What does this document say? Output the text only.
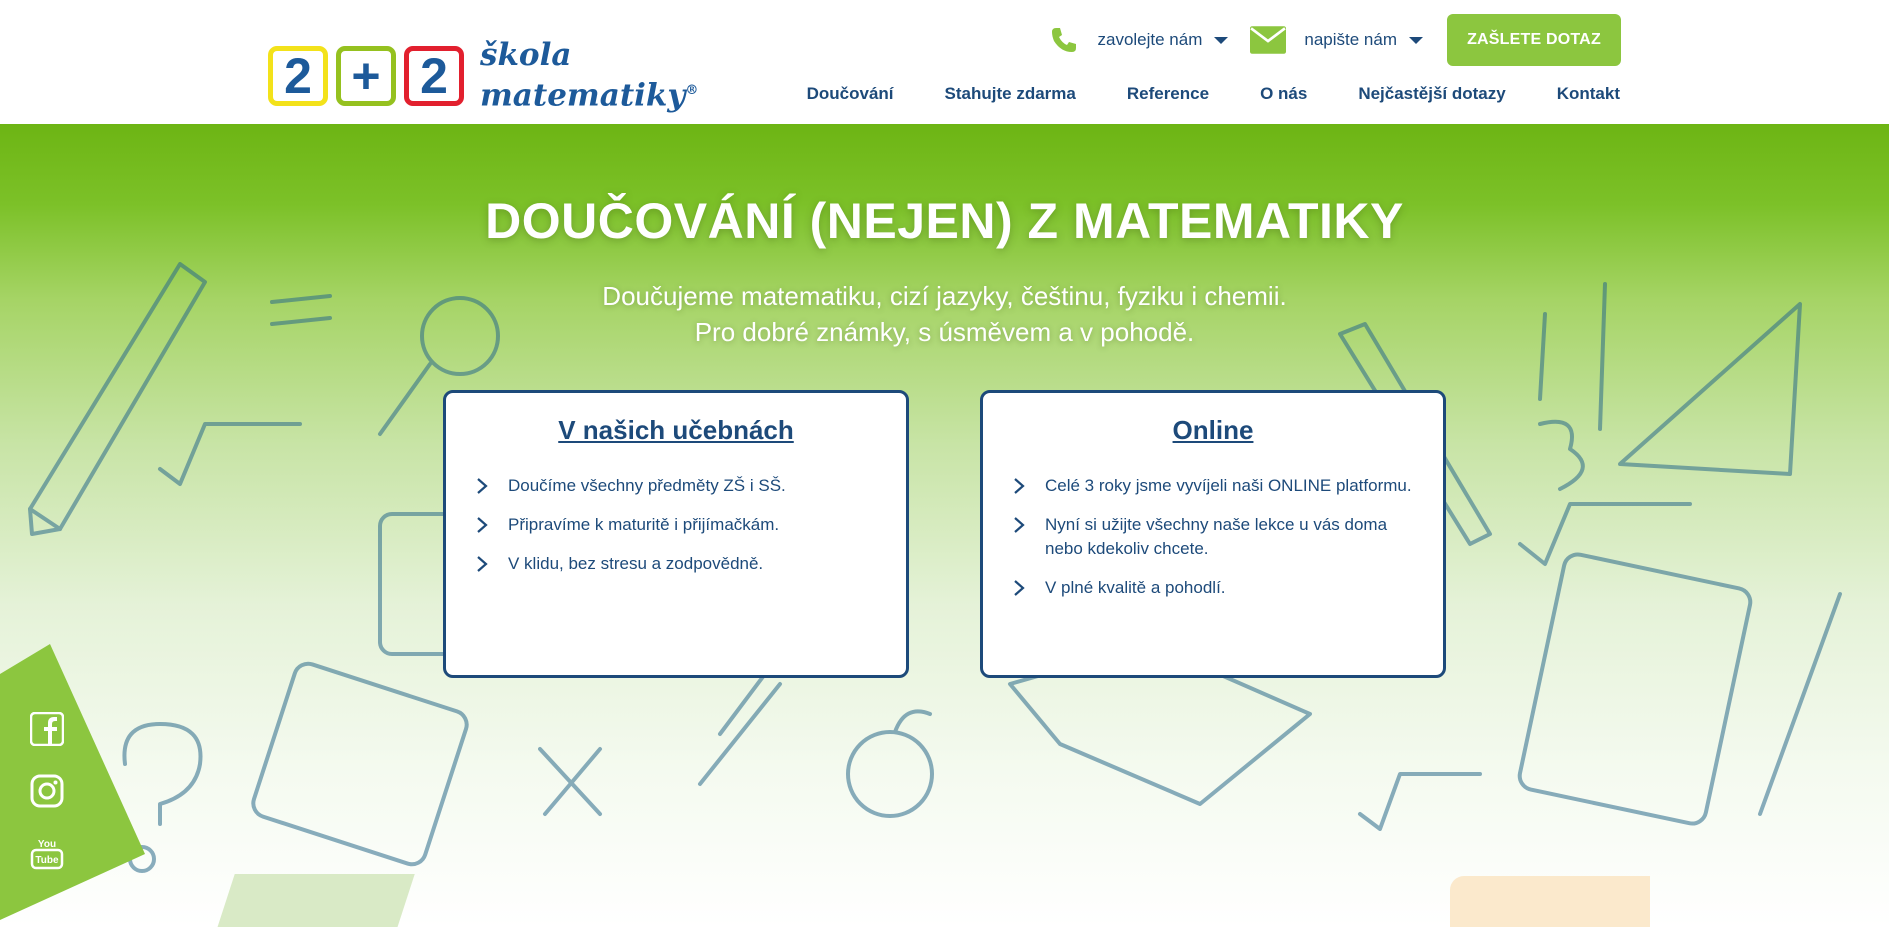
2 + 2 škola
matematiky®
zavolejte nám	napište nám	ZAŠLETE DOTAZ
Doučování	Stahujte zdarma	Reference	O nás	Nejčastější dotazy	Kontakt
DOUČOVÁNÍ (NEJEN) Z MATEMATIKY
Doučujeme matematiku, cizí jazyky, češtinu, fyziku i chemii.
Pro dobré známky, s úsměvem a v pohodě.
V našich učebnách
Doučíme všechny předměty ZŠ i SŠ.
Připravíme k maturitě i přijímačkám.
V klidu, bez stresu a zodpovědně.
Online
Celé 3 roky jsme vyvíjeli naši ONLINE platformu.
Nyní si užijte všechny naše lekce u vás doma nebo kdekoliv chcete.
V plné kvalitě a pohodlí.
You
Tube
